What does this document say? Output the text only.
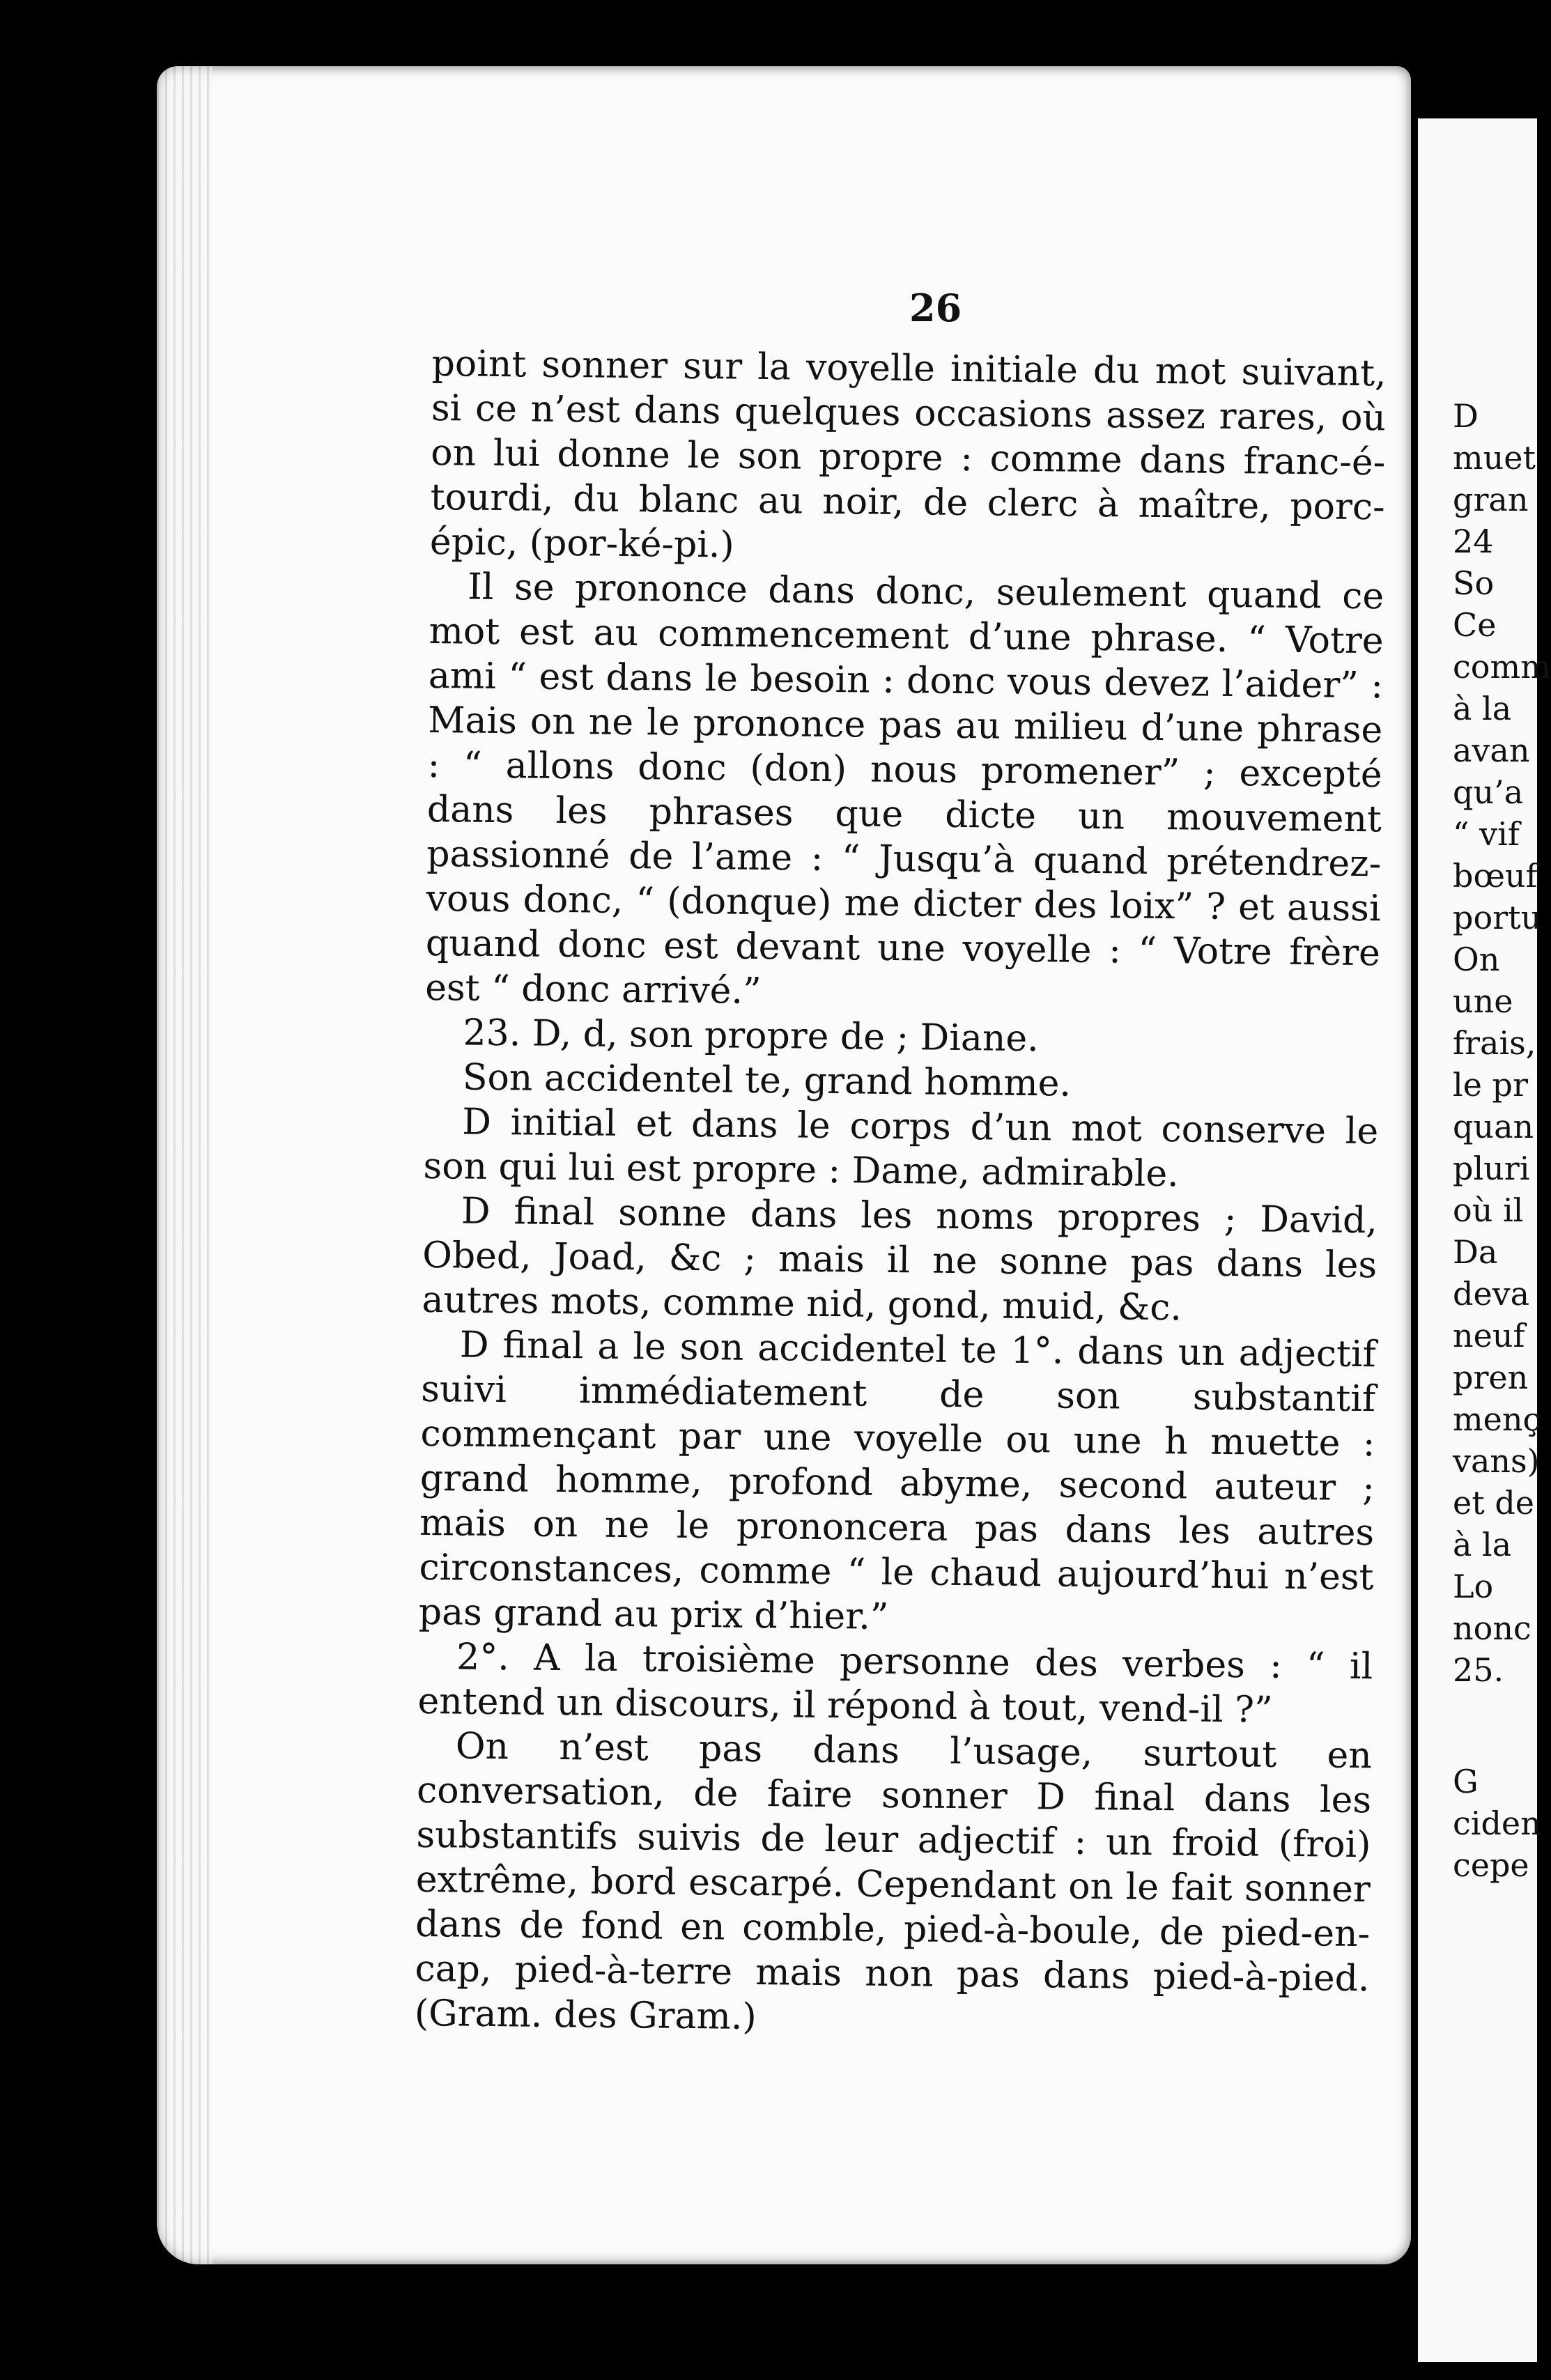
26

point sonner sur la voyelle initiale du mot suivant, si ce n’est dans quelques occasions assez rares, où on lui donne le son propre : comme dans franc-é-tourdi, du blanc au noir, de clerc à maître, porc-épic, (por-ké-pi.)

Il se prononce dans donc, seulement quand ce mot est au commencement d’une phrase. “ Votre ami “ est dans le besoin : donc vous devez l’aider” : Mais on ne le prononce pas au milieu d’une phrase : “ allons donc (don) nous promener” ; excepté dans les phrases que dicte un mouvement passionné de l’ame : “ Jusqu’à quand prétendrez-vous donc, “ (donque) me dicter des loix” ? et aussi quand donc est devant une voyelle : “ Votre frère est “ donc arrivé.”

23. D, d, son propre de ; Diane.

Son accidentel te, grand homme.

D initial et dans le corps d’un mot conserve le son qui lui est propre : Dame, admirable.

D final sonne dans les noms propres ; David, Obed, Joad, &c ; mais il ne sonne pas dans les autres mots, comme nid, gond, muid, &c.

D final a le son accidentel te 1°. dans un adjectif suivi immédiatement de son substantif commençant par une voyelle ou une h muette : grand homme, profond abyme, second auteur ; mais on ne le prononcera pas dans les autres circonstances, comme “ le chaud aujourd’hui n’est pas grand au prix d’hier.”

2°. A la troisième personne des verbes : “ il entend un discours, il répond à tout, vend-il ?”

On n’est pas dans l’usage, surtout en conversation, de faire sonner D final dans les substantifs suivis de leur adjectif : un froid (froi) extrême, bord escarpé. Cependant on le fait sonner dans de fond en comble, pied-à-boule, de pied-en-cap, pied-à-terre mais non pas dans pied-à-pied. (Gram. des Gram.)

D
muet
gran
24
So
Ce
comm
à la
avan
qu’a
“ vif
bœuf
portu
On
une
frais,
le pr
quan
pluri
où il
Da
deva
neuf
pren
menç
vans)
et de
à la
Lo
nonc
25.
G
ciden
cepe
